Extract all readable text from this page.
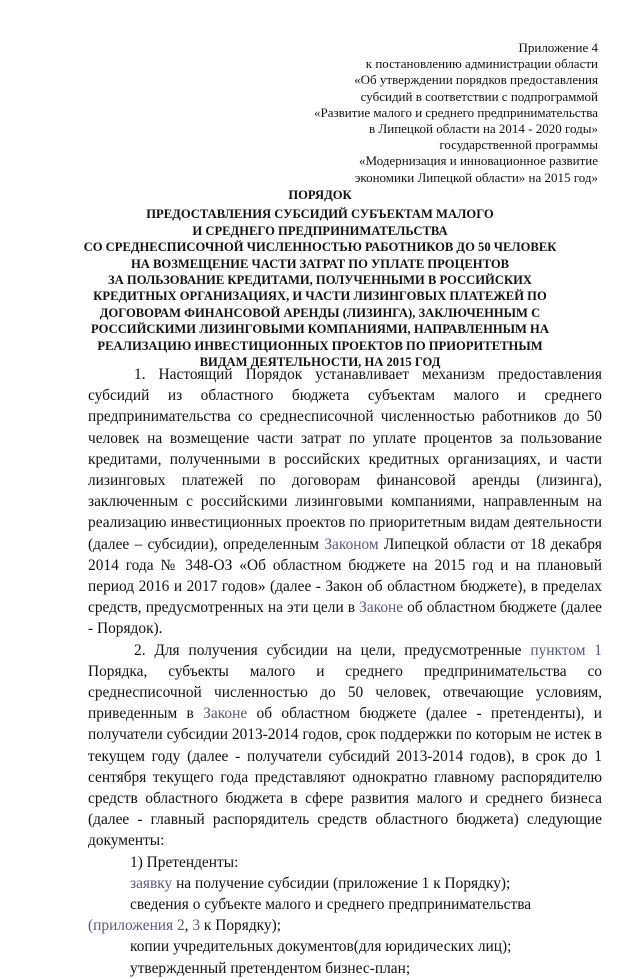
Приложение 4
к постановлению администрации области
«Об утверждении порядков предоставления
субсидий в соответствии с подпрограммой
«Развитие малого и среднего предпринимательства
в Липецкой области на 2014 - 2020 годы»
государственной программы
«Модернизация и инновационное развитие
экономики Липецкой области» на 2015 год»
ПОРЯДОК
ПРЕДОСТАВЛЕНИЯ СУБСИДИЙ СУБЪЕКТАМ МАЛОГО
И СРЕДНЕГО ПРЕДПРИНИМАТЕЛЬСТВА
СО СРЕДНЕСПИСОЧНОЙ ЧИСЛЕННОСТЬЮ РАБОТНИКОВ ДО 50 ЧЕЛОВЕК
НА ВОЗМЕЩЕНИЕ ЧАСТИ ЗАТРАТ ПО УПЛАТЕ ПРОЦЕНТОВ
ЗА ПОЛЬЗОВАНИЕ КРЕДИТАМИ, ПОЛУЧЕННЫМИ В РОССИЙСКИХ
КРЕДИТНЫХ ОРГАНИЗАЦИЯХ, И ЧАСТИ ЛИЗИНГОВЫХ ПЛАТЕЖЕЙ ПО
ДОГОВОРАМ ФИНАНСОВОЙ АРЕНДЫ (ЛИЗИНГА), ЗАКЛЮЧЕННЫМ С
РОССИЙСКИМИ ЛИЗИНГОВЫМИ КОМПАНИЯМИ, НАПРАВЛЕННЫМ НА
РЕАЛИЗАЦИЮ ИНВЕСТИЦИОННЫХ ПРОЕКТОВ ПО ПРИОРИТЕТНЫМ
ВИДАМ ДЕЯТЕЛЬНОСТИ, НА 2015 ГОД

1. Настоящий Порядок устанавливает механизм предоставления субсидий из областного бюджета субъектам малого и среднего предпринимательства со среднесписочной численностью работников до 50 человек на возмещение части затрат по уплате процентов за пользование кредитами, полученными в российских кредитных организациях, и части лизинговых платежей по договорам финансовой аренды (лизинга), заключенным с российскими лизинговыми компаниями, направленным на реализацию инвестиционных проектов по приоритетным видам деятельности (далее – субсидии), определенным Законом Липецкой области от 18 декабря 2014 года № 348-ОЗ «Об областном бюджете на 2015 год и на плановый период 2016 и 2017 годов» (далее - Закон об областном бюджете), в пределах средств, предусмотренных на эти цели в Законе об областном бюджете (далее - Порядок).

2. Для получения субсидии на цели, предусмотренные пунктом 1 Порядка, субъекты малого и среднего предпринимательства со среднесписочной численностью до 50 человек, отвечающие условиям, приведенным в Законе об областном бюджете (далее - претенденты), и получатели субсидии 2013-2014 годов, срок поддержки по которым не истек в текущем году (далее - получатели субсидий 2013-2014 годов), в срок до 1 сентября текущего года представляют однократно главному распорядителю средств областного бюджета в сфере развития малого и среднего бизнеса (далее - главный распорядитель средств областного бюджета) следующие документы:

1) Претенденты:

заявку на получение субсидии (приложение 1 к Порядку);

сведения о субъекте малого и среднего предпринимательства

(приложения 2, 3 к Порядку);

копии учредительных документов(для юридических лиц);

утвержденный претендентом бизнес-план;
